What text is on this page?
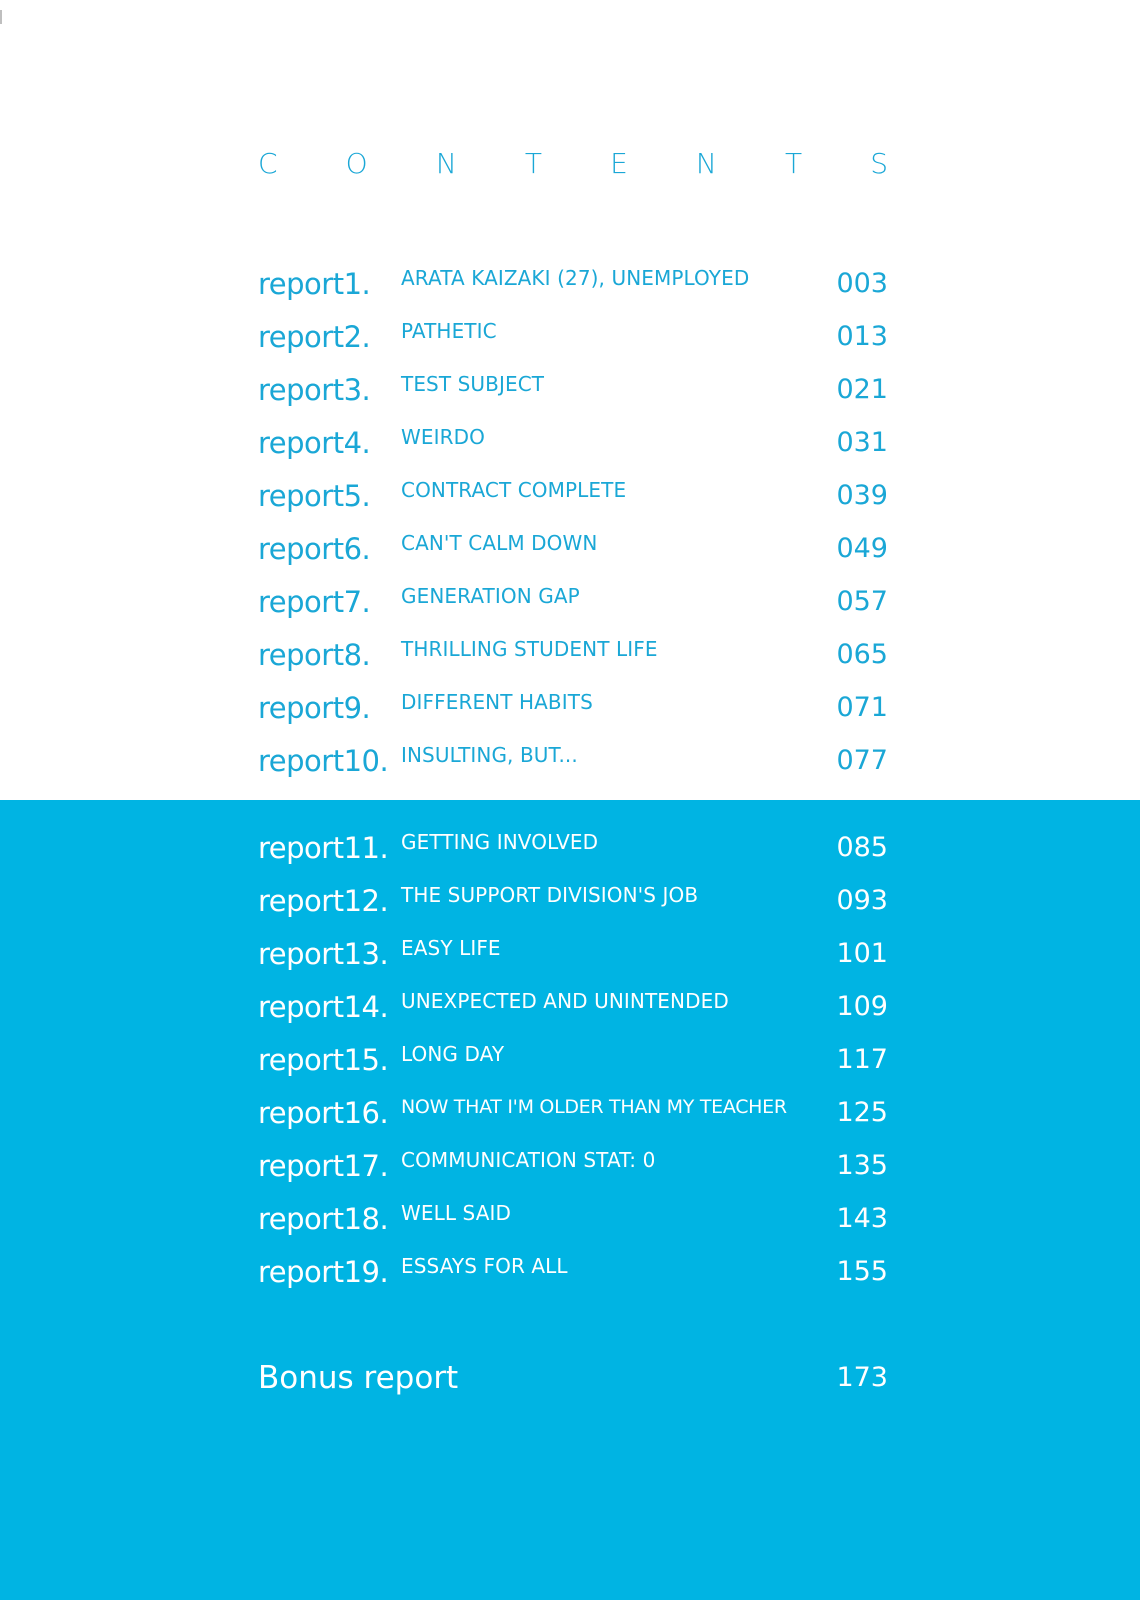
C O N T E N T S
report1. ARATA KAIZAKI (27), UNEMPLOYED	003
report2. PATHETIC	013
report3. TEST SUBJECT	021
report4. WEIRDO	031
report5. CONTRACT COMPLETE	039
report6. CAN'T CALM DOWN	049
report7. GENERATION GAP	057
report8. THRILLING STUDENT LIFE	065
report9. DIFFERENT HABITS	071
report10. INSULTING, BUT...	077
report11. GETTING INVOLVED	085
report12. THE SUPPORT DIVISION'S JOB	093
report13. EASY LIFE	101
report14. UNEXPECTED AND UNINTENDED	109
report15. LONG DAY	117
report16. NOW THAT I'M OLDER THAN MY TEACHER 125
report17. COMMUNICATION STAT: 0	135
report18. WELL SAID	143
report19. ESSAYS FOR ALL	155
Bonus report	173
